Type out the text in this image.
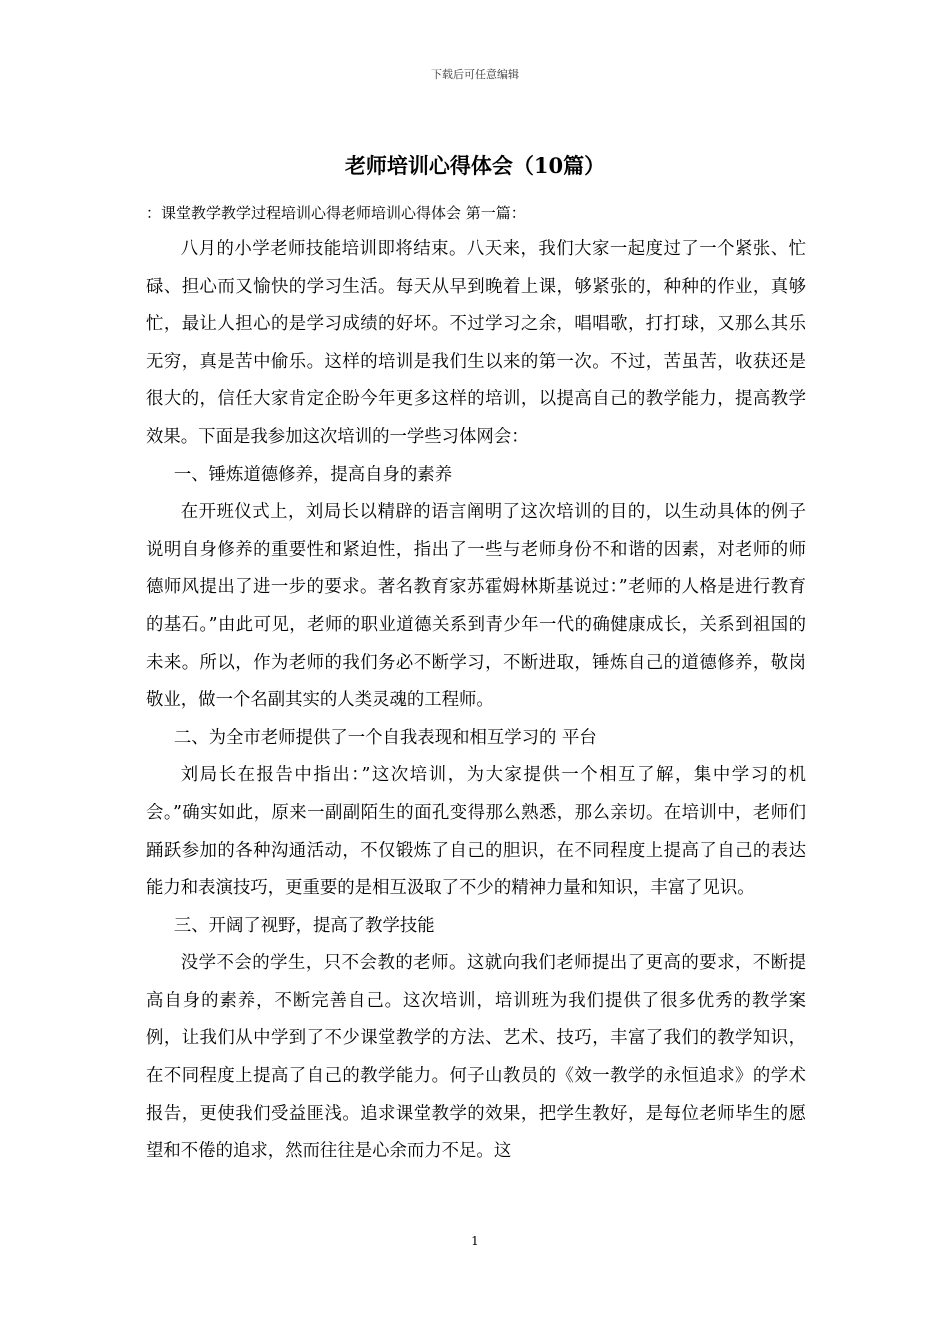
下载后可任意编辑
老师培训心得体会（10篇）
：课堂教学教学过程培训心得老师培训心得体会 第一篇：

八月的小学老师技能培训即将结束。八天来，我们大家一起度过了一个紧张、忙碌、担心而又愉快的学习生活。每天从早到晚着上课，够紧张的，种种的作业，真够忙，最让人担心的是学习成绩的好坏。不过学习之余，唱唱歌，打打球，又那么其乐无穷，真是苦中偷乐。这样的培训是我们生以来的第一次。不过，苦虽苦，收获还是很大的，信任大家肯定企盼今年更多这样的培训，以提高自己的教学能力，提高教学效果。下面是我参加这次培训的一学些习体网会：

一、锤炼道德修养，提高自身的素养

在开班仪式上，刘局长以精辟的语言阐明了这次培训的目的，以生动具体的例子说明自身修养的重要性和紧迫性，指出了一些与老师身份不和谐的因素，对老师的师德师风提出了进一步的要求。著名教育家苏霍姆林斯基说过：”老师的人格是进行教育的基石。”由此可见，老师的职业道德关系到青少年一代的确健康成长，关系到祖国的未来。所以，作为老师的我们务必不断学习，不断进取，锤炼自己的道德修养，敬岗敬业，做一个名副其实的人类灵魂的工程师。

二、为全市老师提供了一个自我表现和相互学习的 平台

刘局长在报告中指出：”这次培训，为大家提供一个相互了解，集中学习的机会。”确实如此，原来一副副陌生的面孔变得那么熟悉，那么亲切。在培训中，老师们踊跃参加的各种沟通活动，不仅锻炼了自己的胆识，在不同程度上提高了自己的表达能力和表演技巧，更重要的是相互汲取了不少的精神力量和知识，丰富了见识。

三、开阔了视野，提高了教学技能

没学不会的学生，只不会教的老师。这就向我们老师提出了更高的要求，不断提高自身的素养，不断完善自己。这次培训，培训班为我们提供了很多优秀的教学案例，让我们从中学到了不少课堂教学的方法、艺术、技巧，丰富了我们的教学知识，在不同程度上提高了自己的教学能力。何子山教员的《效一教学的永恒追求》的学术报告，更使我们受益匪浅。追求课堂教学的效果，把学生教好，是每位老师毕生的愿望和不倦的追求，然而往往是心余而力不足。这

1
